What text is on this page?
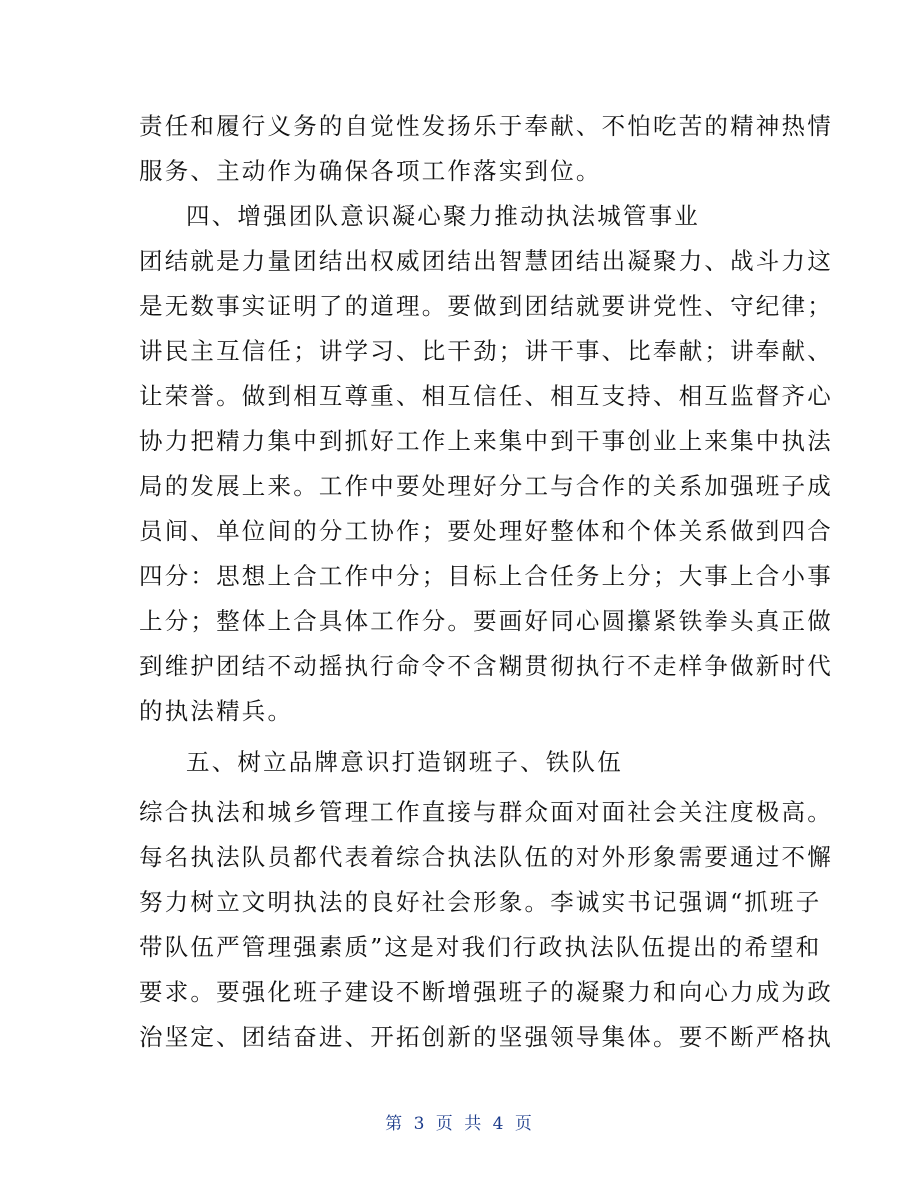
责任和履行义务的自觉性发扬乐于奉献、不怕吃苦的精神热情
服务、主动作为确保各项工作落实到位。
四、增强团队意识凝心聚力推动执法城管事业
团结就是力量团结出权威团结出智慧团结出凝聚力、战斗力这
是无数事实证明了的道理。要做到团结就要讲党性、守纪律；
讲民主互信任；讲学习、比干劲；讲干事、比奉献；讲奉献、
让荣誉。做到相互尊重、相互信任、相互支持、相互监督齐心
协力把精力集中到抓好工作上来集中到干事创业上来集中执法
局的发展上来。工作中要处理好分工与合作的关系加强班子成
员间、单位间的分工协作；要处理好整体和个体关系做到四合
四分：思想上合工作中分；目标上合任务上分；大事上合小事
上分；整体上合具体工作分。要画好同心圆攥紧铁拳头真正做
到维护团结不动摇执行命令不含糊贯彻执行不走样争做新时代
的执法精兵。
五、树立品牌意识打造钢班子、铁队伍
综合执法和城乡管理工作直接与群众面对面社会关注度极高。
每名执法队员都代表着综合执法队伍的对外形象需要通过不懈
努力树立文明执法的良好社会形象。李诚实书记强调“抓班子
带队伍严管理强素质”这是对我们行政执法队伍提出的希望和
要求。要强化班子建设不断增强班子的凝聚力和向心力成为政
治坚定、团结奋进、开拓创新的坚强领导集体。要不断严格执
第 3 页 共 4 页
